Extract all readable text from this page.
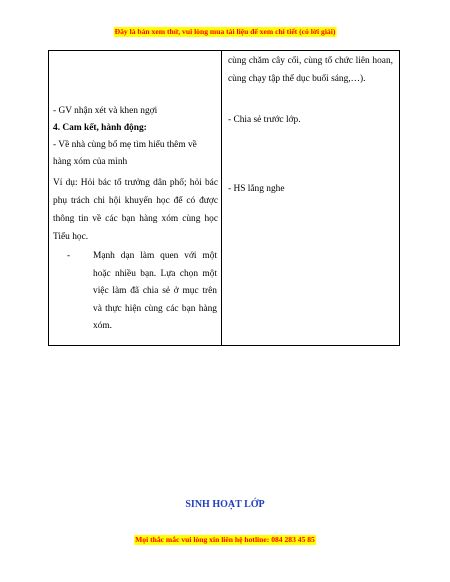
Đây là bản xem thử, vui lòng mua tài liệu để xem chi tiết (có lời giải)
- GV nhận xét và khen ngợi
4. Cam kết, hành động:
- Về nhà cùng bố mẹ tìm hiểu thêm về
hàng xóm của mình
Ví dụ: Hỏi bác tổ trưởng dân phố; hỏi bác phụ trách chi hội khuyến học để có được thông tin về các bạn hàng xóm cùng học Tiểu học.
- Mạnh dạn làm quen với một hoặc nhiều bạn. Lựa chọn một việc làm đã chia sẻ ở mục trên và thực hiện cùng các bạn hàng xóm.
cùng chăm cây cối, cùng tổ chức liên hoan, cùng chạy tập thể dục buổi sáng,…).
- Chia sẻ trước lớp.
- HS lắng nghe
SINH HOẠT LỚP
Mọi thắc mắc vui lòng xin liên hệ hotline: 084 283 45 85
